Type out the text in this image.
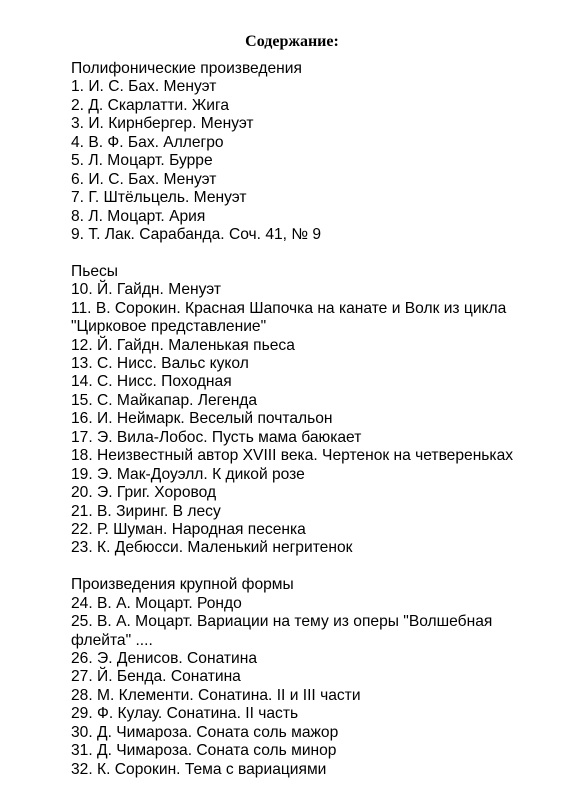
Содержание:
Полифонические произведения
1. И. С. Бах. Менуэт
2. Д. Скарлатти. Жига
3. И. Кирнбергер. Менуэт
4. В. Ф. Бах. Аллегро
5. Л. Моцарт. Бурре
6. И. С. Бах. Менуэт
7. Г. Штёльцель. Менуэт
8. Л. Моцарт. Ария
9. Т. Лак. Сарабанда. Соч. 41, № 9
Пьесы
10. Й. Гайдн. Менуэт
11. В. Сорокин. Красная Шапочка на канате и Волк из цикла
"Цирковое представление"
12. Й. Гайдн. Маленькая пьеса
13. С. Нисс. Вальс кукол
14. С. Нисс. Походная
15. С. Майкапар. Легенда
16. И. Неймарк. Веселый почтальон
17. Э. Вила-Лобос. Пусть мама баюкает
18. Неизвестный автор XVIII века. Чертенок на четвереньках
19. Э. Мак-Доуэлл. К дикой розе
20. Э. Григ. Хоровод
21. В. Зиринг. В лесу
22. Р. Шуман. Народная песенка
23. К. Дебюсси. Маленький негритенок
Произведения крупной формы
24. В. А. Моцарт. Рондо
25. В. А. Моцарт. Вариации на тему из оперы "Волшебная
флейта" ....
26. Э. Денисов. Сонатина
27. Й. Бенда. Сонатина
28. М. Клементи. Сонатина. II и III части
29. Ф. Кулау. Сонатина. II часть
30. Д. Чимароза. Соната соль мажор
31. Д. Чимароза. Соната соль минор
32. К. Сорокин. Тема с вариациями
